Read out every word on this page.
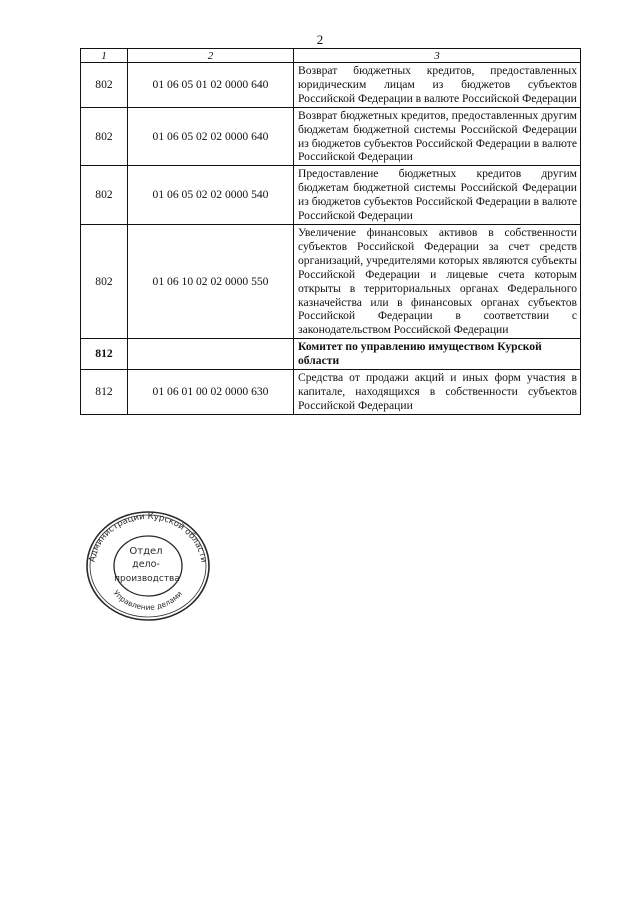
2
1	2	3
802	01 06 05 01 02 0000 640	Возврат бюджетных кредитов, предоставленных юридическим лицам из бюджетов субъектов Российской Федерации в валюте Российской Федерации
802	01 06 05 02 02 0000 640	Возврат бюджетных кредитов, предоставленных другим бюджетам бюджетной системы Российской Федерации из бюджетов субъектов Российской Федерации в валюте Российской Федерации
802	01 06 05 02 02 0000 540	Предоставление бюджетных кредитов другим бюджетам бюджетной системы Российской Федерации из бюджетов субъектов Российской Федерации в валюте Российской Федерации
802	01 06 10 02 02 0000 550	Увеличение финансовых активов в собственности субъектов Российской Федерации за счет средств организаций, учредителями которых являются субъекты Российской Федерации и лицевые счета которым открыты в территориальных органах Федерального казначейства или в финансовых органах субъектов Российской Федерации в соответствии с законодательством Российской Федерации
812		Комитет по управлению имуществом Курской области
812	01 06 01 00 02 0000 630	Средства от продажи акций и иных форм участия в капитале, находящихся в собственности субъектов Российской Федерации
Администрации Курской области
Управление делами
Отдел
дело-
производства
